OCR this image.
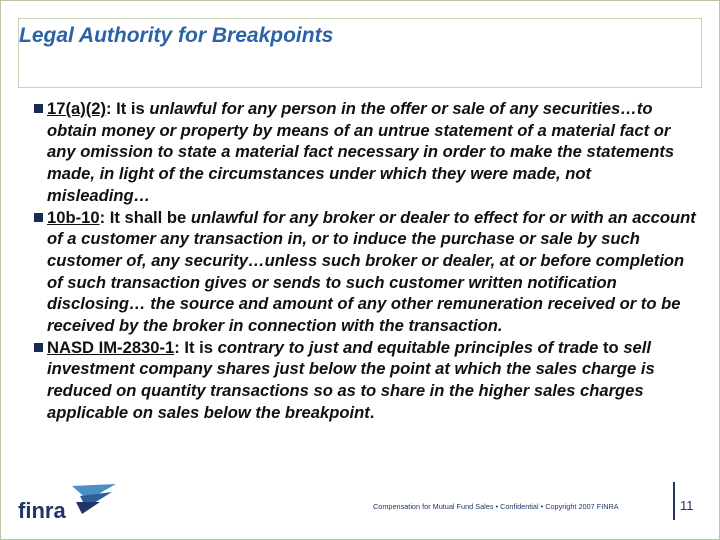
Legal Authority for Breakpoints
17(a)(2): It is unlawful for any person in the offer or sale of any securities…to obtain money or property by means of an untrue statement of a material fact or any omission to state a material fact necessary in order to make the statements made, in light of the circumstances under which they were made, not misleading…
10b-10: It shall be unlawful for any broker or dealer to effect for or with an account of a customer any transaction in, or to induce the purchase or sale by such customer of, any security…unless such broker or dealer, at or before completion of such transaction gives or sends to such customer written notification disclosing… the source and amount of any other remuneration received or to be received by the broker in connection with the transaction.
NASD IM-2830-1: It is contrary to just and equitable principles of trade to sell investment company shares just below the point at which the sales charge is reduced on quantity transactions so as to share in the higher sales charges applicable on sales below the breakpoint.
finra	Compensation for Mutual Fund Sales • Confidential • Copyright 2007 FINRA	11
